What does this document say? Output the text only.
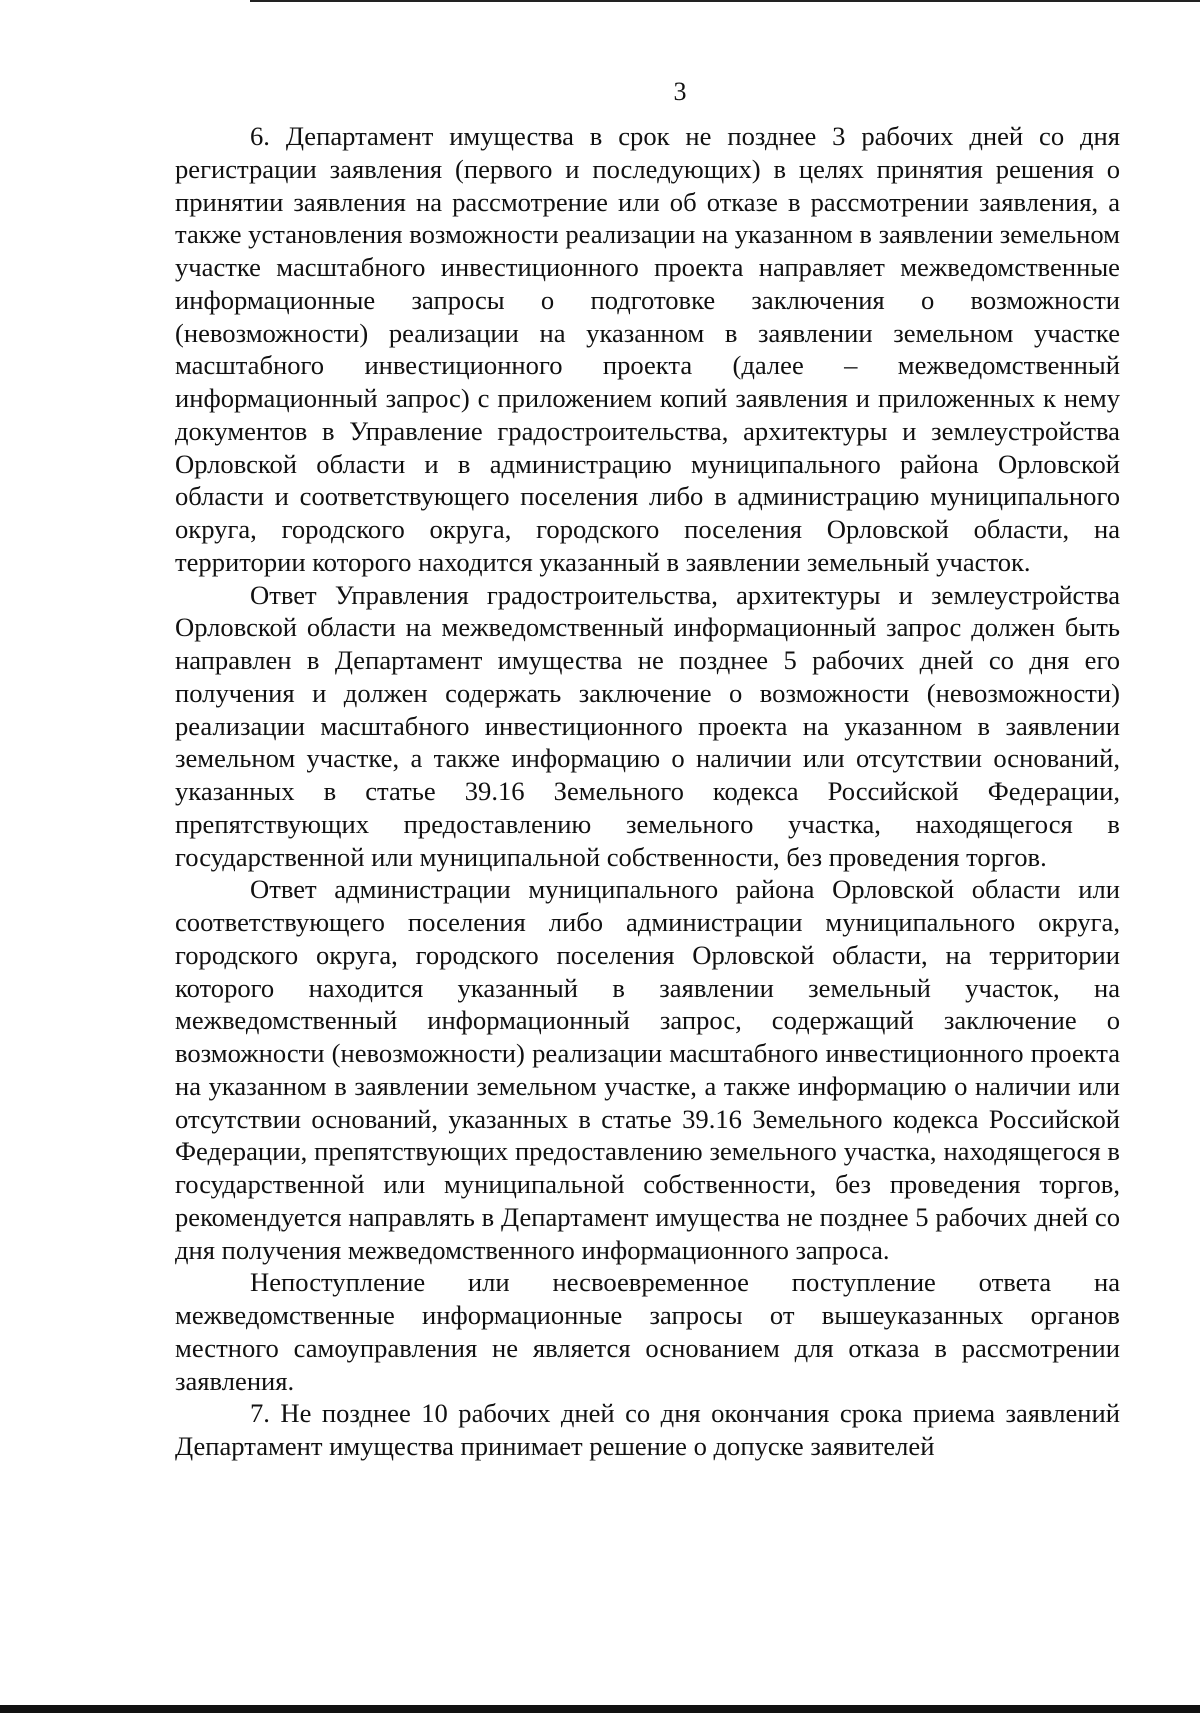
3

6. Департамент имущества в срок не позднее 3 рабочих дней со дня регистрации заявления (первого и последующих) в целях принятия решения о принятии заявления на рассмотрение или об отказе в рассмотрении заявления, а также установления возможности реализации на указанном в заявлении земельном участке масштабного инвестиционного проекта направляет межведомственные информационные запросы о подготовке заключения о возможности (невозможности) реализации на указанном в заявлении земельном участке масштабного инвестиционного проекта (далее – межведомственный информационный запрос) с приложением копий заявления и приложенных к нему документов в Управление градостроительства, архитектуры и землеустройства Орловской области и в администрацию муниципального района Орловской области и соответствующего поселения либо в администрацию муниципального округа, городского округа, городского поселения Орловской области, на территории которого находится указанный в заявлении земельный участок.

Ответ Управления градостроительства, архитектуры и землеустройства Орловской области на межведомственный информационный запрос должен быть направлен в Департамент имущества не позднее 5 рабочих дней со дня его получения и должен содержать заключение о возможности (невозможности) реализации масштабного инвестиционного проекта на указанном в заявлении земельном участке, а также информацию о наличии или отсутствии оснований, указанных в статье 39.16 Земельного кодекса Российской Федерации, препятствующих предоставлению земельного участка, находящегося в государственной или муниципальной собственности, без проведения торгов.

Ответ администрации муниципального района Орловской области или соответствующего поселения либо администрации муниципального округа, городского округа, городского поселения Орловской области, на территории которого находится указанный в заявлении земельный участок, на межведомственный информационный запрос, содержащий заключение о возможности (невозможности) реализации масштабного инвестиционного проекта на указанном в заявлении земельном участке, а также информацию о наличии или отсутствии оснований, указанных в статье 39.16 Земельного кодекса Российской Федерации, препятствующих предоставлению земельного участка, находящегося в государственной или муниципальной собственности, без проведения торгов, рекомендуется направлять в Департамент имущества не позднее 5 рабочих дней со дня получения межведомственного информационного запроса.

Непоступление или несвоевременное поступление ответа на межведомственные информационные запросы от вышеуказанных органов местного самоуправления не является основанием для отказа в рассмотрении заявления.

7. Не позднее 10 рабочих дней со дня окончания срока приема заявлений Департамент имущества принимает решение о допуске заявителей
